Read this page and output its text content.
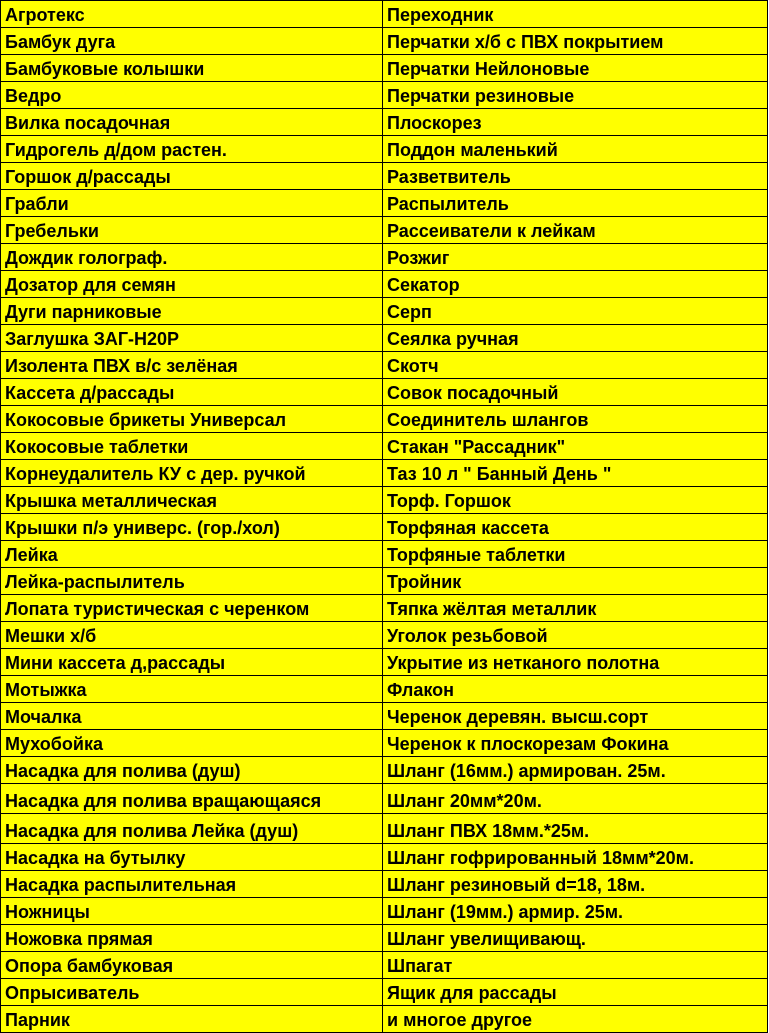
Агротекс	Переходник
Бамбук дуга	Перчатки х/б с ПВХ покрытием
Бамбуковые колышки	Перчатки Нейлоновые
Ведро	Перчатки резиновые
Вилка посадочная	Плоскорез
Гидрогель д/дом растен.	Поддон маленький
Горшок д/рассады	Разветвитель
Грабли	Распылитель
Гребельки	Рассеиватели к лейкам
Дождик голограф.	Розжиг
Дозатор для семян	Секатор
Дуги парниковые	Серп
Заглушка ЗАГ-Н20Р	Сеялка ручная
Изолента ПВХ в/с зелёная	Скотч
Кассета д/рассады	Совок посадочный
Кокосовые брикеты Универсал	Соединитель шлангов
Кокосовые таблетки	Стакан "Рассадник"
Корнеудалитель КУ с дер. ручкой	Таз 10 л " Банный День "
Крышка металлическая	Торф. Горшок
Крышки п/э универс. (гор./хол)	Торфяная кассета
Лейка	Торфяные таблетки
Лейка-распылитель	Тройник
Лопата туристическая с черенком	Тяпка жёлтая металлик
Мешки х/б	Уголок резьбовой
Мини кассета д,рассады	Укрытие из нетканого полотна
Мотыжка	Флакон
Мочалка	Черенок деревян. высш.сорт
Мухобойка	Черенок к плоскорезам Фокина
Насадка для полива (душ)	Шланг (16мм.) армирован. 25м.
Насадка для полива вращающаяся	Шланг 20мм*20м.
Насадка для полива Лейка (душ)	Шланг ПВХ 18мм.*25м.
Насадка на бутылку	Шланг гофрированный 18мм*20м.
Насадка распылительная	Шланг резиновый d=18, 18м.
Ножницы	Шланг (19мм.) армир. 25м.
Ножовка прямая	Шланг увелищивающ.
Опора бамбуковая	Шпагат
Опрысиватель	Ящик для рассады
Парник	и многое другое
